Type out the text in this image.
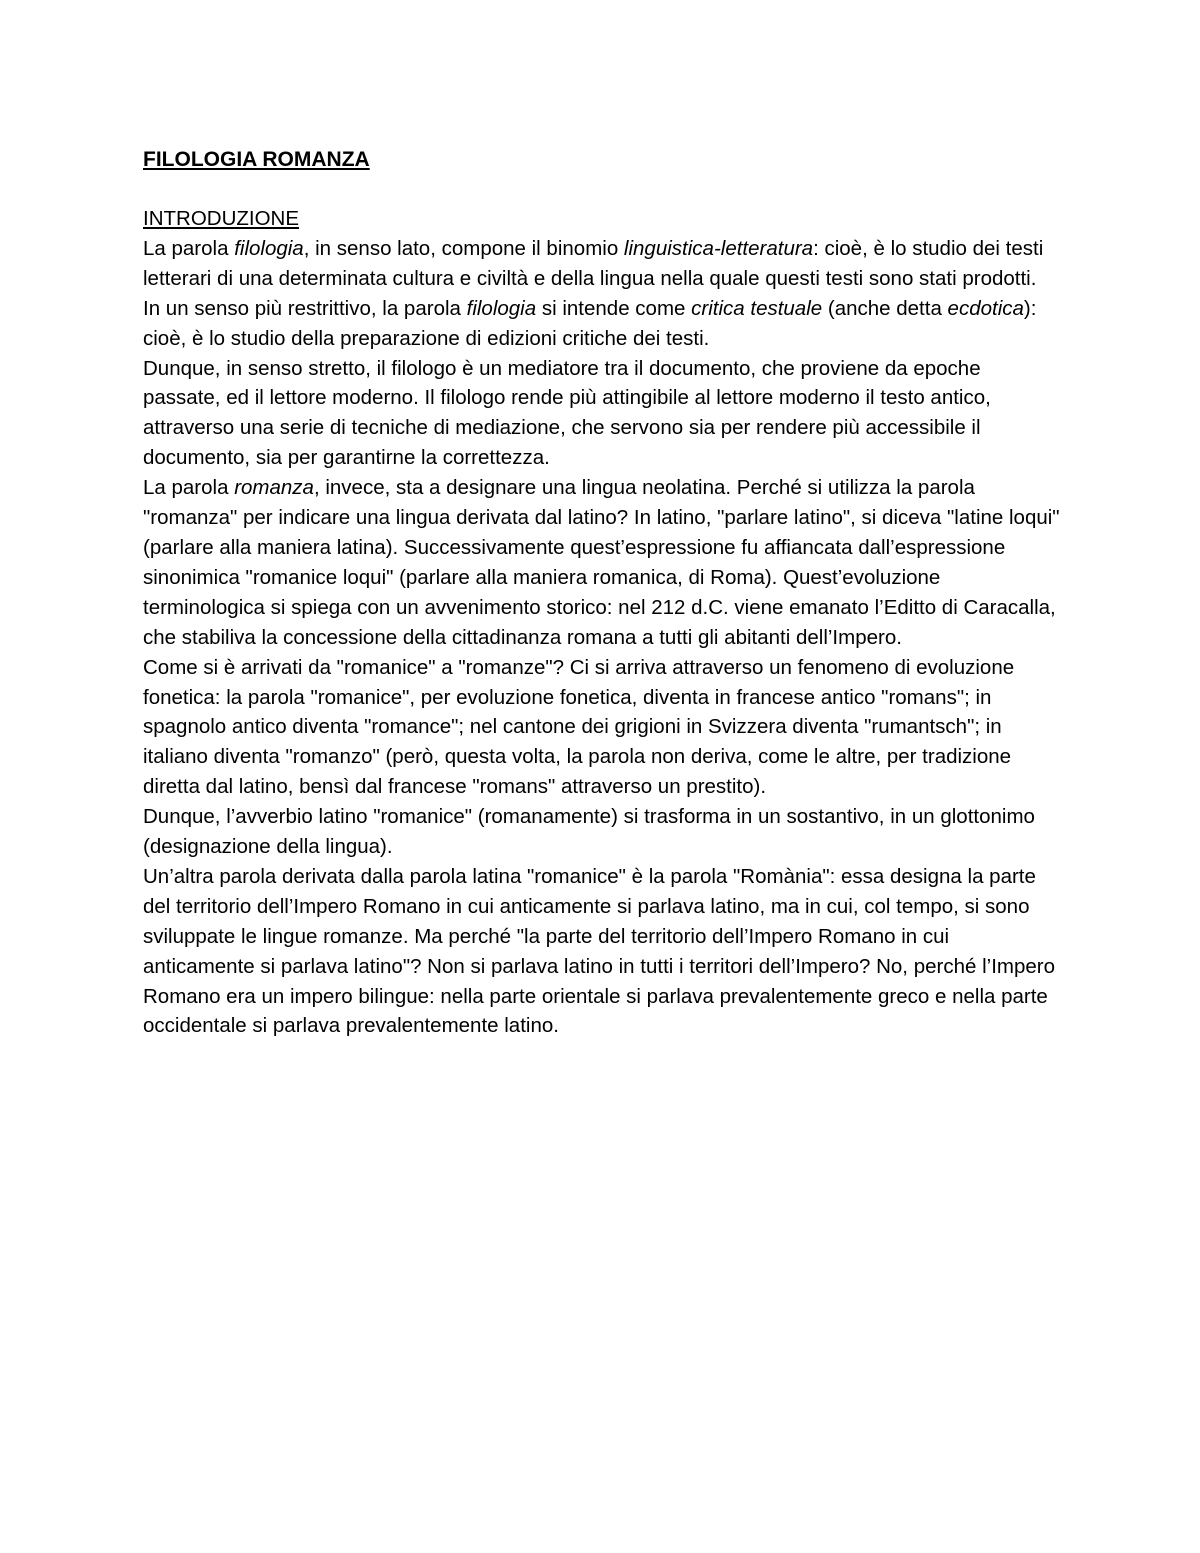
FILOLOGIA ROMANZA
INTRODUZIONE

La parola filologia, in senso lato, compone il binomio linguistica-letteratura: cioè, è lo studio dei testi letterari di una determinata cultura e civiltà e della lingua nella quale questi testi sono stati prodotti.

In un senso più restrittivo, la parola filologia si intende come critica testuale (anche detta ecdotica): cioè, è lo studio della preparazione di edizioni critiche dei testi.

Dunque, in senso stretto, il filologo è un mediatore tra il documento, che proviene da epoche passate, ed il lettore moderno. Il filologo rende più attingibile al lettore moderno il testo antico, attraverso una serie di tecniche di mediazione, che servono sia per rendere più accessibile il documento, sia per garantirne la correttezza.

La parola romanza, invece, sta a designare una lingua neolatina. Perché si utilizza la parola "romanza" per indicare una lingua derivata dal latino? In latino, "parlare latino", si diceva "latine loqui" (parlare alla maniera latina). Successivamente quest’espressione fu affiancata dall’espressione sinonimica "romanice loqui" (parlare alla maniera romanica, di Roma). Quest’evoluzione terminologica si spiega con un avvenimento storico: nel 212 d.C. viene emanato l’Editto di Caracalla, che stabiliva la concessione della cittadinanza romana a tutti gli abitanti dell’Impero.

Come si è arrivati da "romanice" a "romanze"? Ci si arriva attraverso un fenomeno di evoluzione fonetica: la parola "romanice", per evoluzione fonetica, diventa in francese antico "romans"; in spagnolo antico diventa "romance"; nel cantone dei grigioni in Svizzera diventa "rumantsch"; in italiano diventa "romanzo" (però, questa volta, la parola non deriva, come le altre, per tradizione diretta dal latino, bensì dal francese "romans" attraverso un prestito).

Dunque, l’avverbio latino "romanice" (romanamente) si trasforma in un sostantivo, in un glottonimo (designazione della lingua).

Un’altra parola derivata dalla parola latina "romanice" è la parola "Romània": essa designa la parte del territorio dell’Impero Romano in cui anticamente si parlava latino, ma in cui, col tempo, si sono sviluppate le lingue romanze. Ma perché "la parte del territorio dell’Impero Romano in cui anticamente si parlava latino"? Non si parlava latino in tutti i territori dell’Impero? No, perché l’Impero Romano era un impero bilingue: nella parte orientale si parlava prevalentemente greco e nella parte occidentale si parlava prevalentemente latino.
